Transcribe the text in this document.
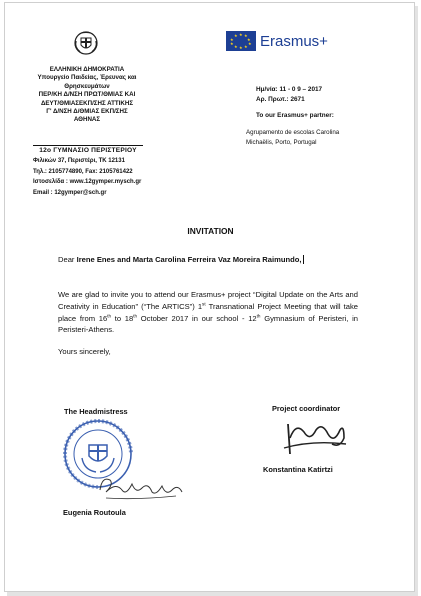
ΕΛΛΗΝΙΚΗ ΔΗΜΟΚΡΑΤΙΑ
Υπουργείο Παιδείας, Έρευνας και
Θρησκευμάτων
ΠΕΡ/ΚΗ Δ/ΝΣΗ ΠΡΩΤ/ΘΜΙΑΣ ΚΑΙ
ΔΕΥΤ/ΘΜΙΑΣΕΚΠ/ΣΗΣ ΑΤΤΙΚΗΣ
Γ' Δ/ΝΣΗ Δ/ΘΜΙΑΣ ΕΚΠ/ΣΗΣ
ΑΘΗΝΑΣ
12ο ΓΥΜΝΑΣΙΟ ΠΕΡΙΣΤΕΡΙΟΥ
Φιλικών 37, Περιστέρι, ΤΚ 12131
Τηλ.: 2105774890, Fax: 2105761422
Ιστοσελίδα : www.12gymper.mysch.gr
Email : 12gymper@sch.gr
★ ★
★
★
★
★
★
★
★
★ Erasmus+
Ημ/νία: 11 - 0 9 – 2017
Αρ. Πρωτ.: 2671
To our Erasmus+ partner:
Agrupamento de escolas Carolina
Michaëlis, Porto, Portugal
INVITATION
Dear Irene Enes and Marta Carolina Ferreira Vaz Moreira Raimundo,
We are glad to invite you to attend our Erasmus+ project “Digital Update on the Arts and Creativity in Education” (“The ARTICS”) 1st Transnational Project Meeting that will take place from 16th to 18th October 2017 in our school - 12th Gymnasium of Peristeri, in Peristeri-Athens.
Yours sincerely,
The Headmistress	Project coordinator
Eugenia Routoula
Konstantina Katirtzi
